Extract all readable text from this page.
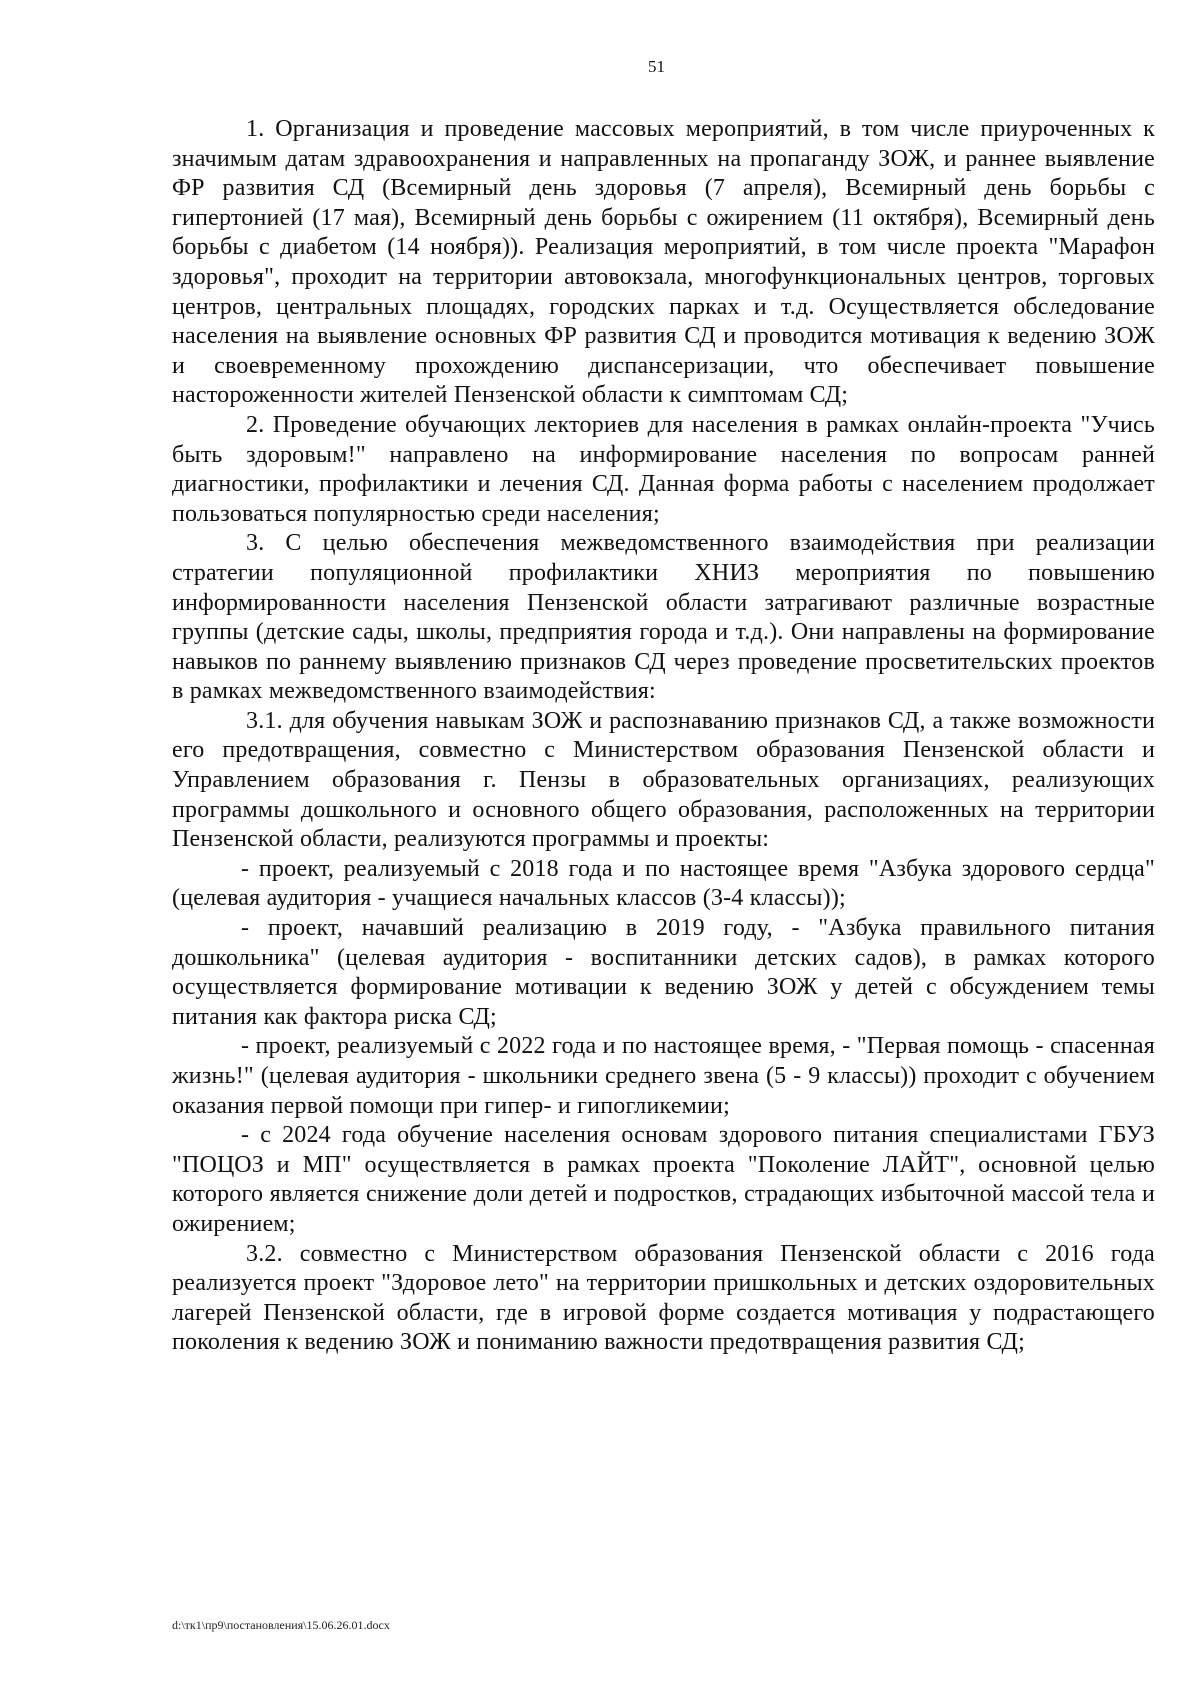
51

1. Организация и проведение массовых мероприятий, в том числе приуроченных к значимым датам здравоохранения и направленных на пропаганду ЗОЖ, и раннее выявление ФР развития СД (Всемирный день здоровья (7 апреля), Всемирный день борьбы с гипертонией (17 мая), Всемирный день борьбы с ожирением (11 октября), Всемирный день борьбы с диабетом (14 ноября)). Реализация мероприятий, в том числе проекта "Марафон здоровья", проходит на территории автовокзала, многофункциональных центров, торговых центров, центральных площадях, городских парках и т.д. Осуществляется обследование населения на выявление основных ФР развития СД и проводится мотивация к ведению ЗОЖ и своевременному прохождению диспансеризации, что обеспечивает повышение настороженности жителей Пензенской области к симптомам СД;

2. Проведение обучающих лекториев для населения в рамках онлайн-проекта "Учись быть здоровым!" направлено на информирование населения по вопросам ранней диагностики, профилактики и лечения СД. Данная форма работы с населением продолжает пользоваться популярностью среди населения;

3. С целью обеспечения межведомственного взаимодействия при реализации стратегии популяционной профилактики ХНИЗ мероприятия по повышению информированности населения Пензенской области затрагивают различные возрастные группы (детские сады, школы, предприятия города и т.д.). Они направлены на формирование навыков по раннему выявлению признаков СД через проведение просветительских проектов в рамках межведомственного взаимодействия:

3.1. для обучения навыкам ЗОЖ и распознаванию признаков СД, а также возможности его предотвращения, совместно с Министерством образования Пензенской области и Управлением образования г. Пензы в образовательных организациях, реализующих программы дошкольного и основного общего образования, расположенных на территории Пензенской области, реализуются программы и проекты:

- проект, реализуемый с 2018 года и по настоящее время "Азбука здорового сердца" (целевая аудитория - учащиеся начальных классов (3-4 классы));

- проект, начавший реализацию в 2019 году, - "Азбука правильного питания дошкольника" (целевая аудитория - воспитанники детских садов), в рамках которого осуществляется формирование мотивации к ведению ЗОЖ у детей с обсуждением темы питания как фактора риска СД;

- проект, реализуемый с 2022 года и по настоящее время, - "Первая помощь - спасенная жизнь!" (целевая аудитория - школьники среднего звена (5 - 9 классы)) проходит с обучением оказания первой помощи при гипер- и гипогликемии;

- с 2024 года обучение населения основам здорового питания специалистами ГБУЗ "ПОЦОЗ и МП" осуществляется в рамках проекта "Поколение ЛАЙТ", основной целью которого является снижение доли детей и подростков, страдающих избыточной массой тела и ожирением;

3.2. совместно с Министерством образования Пензенской области с 2016 года реализуется проект "Здоровое лето" на территории пришкольных и детских оздоровительных лагерей Пензенской области, где в игровой форме создается мотивация у подрастающего поколения к ведению ЗОЖ и пониманию важности предотвращения развития СД;

d:\тк1\пр9\постановления\15.06.26.01.docx
